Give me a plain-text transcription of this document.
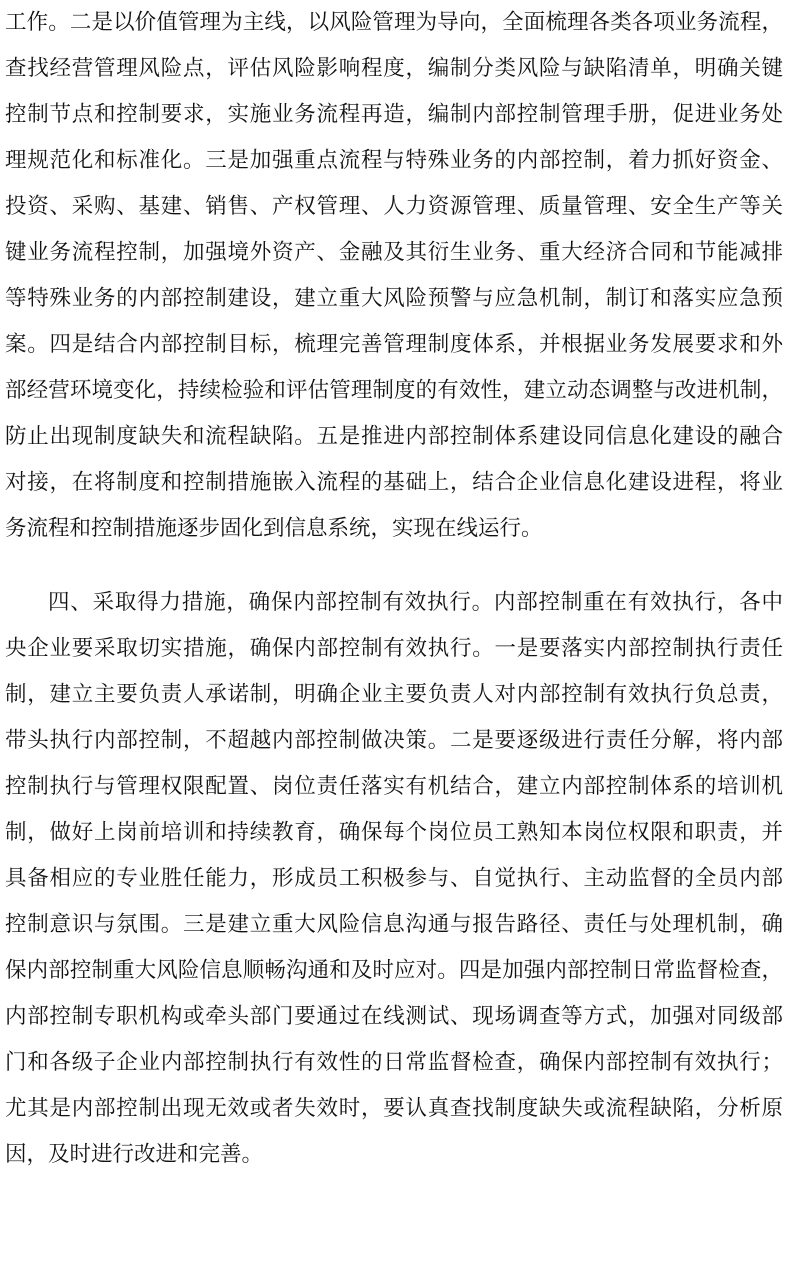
工作。二是以价值管理为主线，以风险管理为导向，全面梳理各类各项业务流程，
查找经营管理风险点，评估风险影响程度，编制分类风险与缺陷清单，明确关键
控制节点和控制要求，实施业务流程再造，编制内部控制管理手册，促进业务处
理规范化和标准化。三是加强重点流程与特殊业务的内部控制，着力抓好资金、
投资、采购、基建、销售、产权管理、人力资源管理、质量管理、安全生产等关
键业务流程控制，加强境外资产、金融及其衍生业务、重大经济合同和节能减排
等特殊业务的内部控制建设，建立重大风险预警与应急机制，制订和落实应急预
案。四是结合内部控制目标，梳理完善管理制度体系，并根据业务发展要求和外
部经营环境变化，持续检验和评估管理制度的有效性，建立动态调整与改进机制，
防止出现制度缺失和流程缺陷。五是推进内部控制体系建设同信息化建设的融合
对接，在将制度和控制措施嵌入流程的基础上，结合企业信息化建设进程，将业
务流程和控制措施逐步固化到信息系统，实现在线运行。
四、采取得力措施，确保内部控制有效执行。内部控制重在有效执行，各中
央企业要采取切实措施，确保内部控制有效执行。一是要落实内部控制执行责任
制，建立主要负责人承诺制，明确企业主要负责人对内部控制有效执行负总责，
带头执行内部控制，不超越内部控制做决策。二是要逐级进行责任分解，将内部
控制执行与管理权限配置、岗位责任落实有机结合，建立内部控制体系的培训机
制，做好上岗前培训和持续教育，确保每个岗位员工熟知本岗位权限和职责，并
具备相应的专业胜任能力，形成员工积极参与、自觉执行、主动监督的全员内部
控制意识与氛围。三是建立重大风险信息沟通与报告路径、责任与处理机制，确
保内部控制重大风险信息顺畅沟通和及时应对。四是加强内部控制日常监督检查，
内部控制专职机构或牵头部门要通过在线测试、现场调查等方式，加强对同级部
门和各级子企业内部控制执行有效性的日常监督检查，确保内部控制有效执行；
尤其是内部控制出现无效或者失效时，要认真查找制度缺失或流程缺陷，分析原
因，及时进行改进和完善。
